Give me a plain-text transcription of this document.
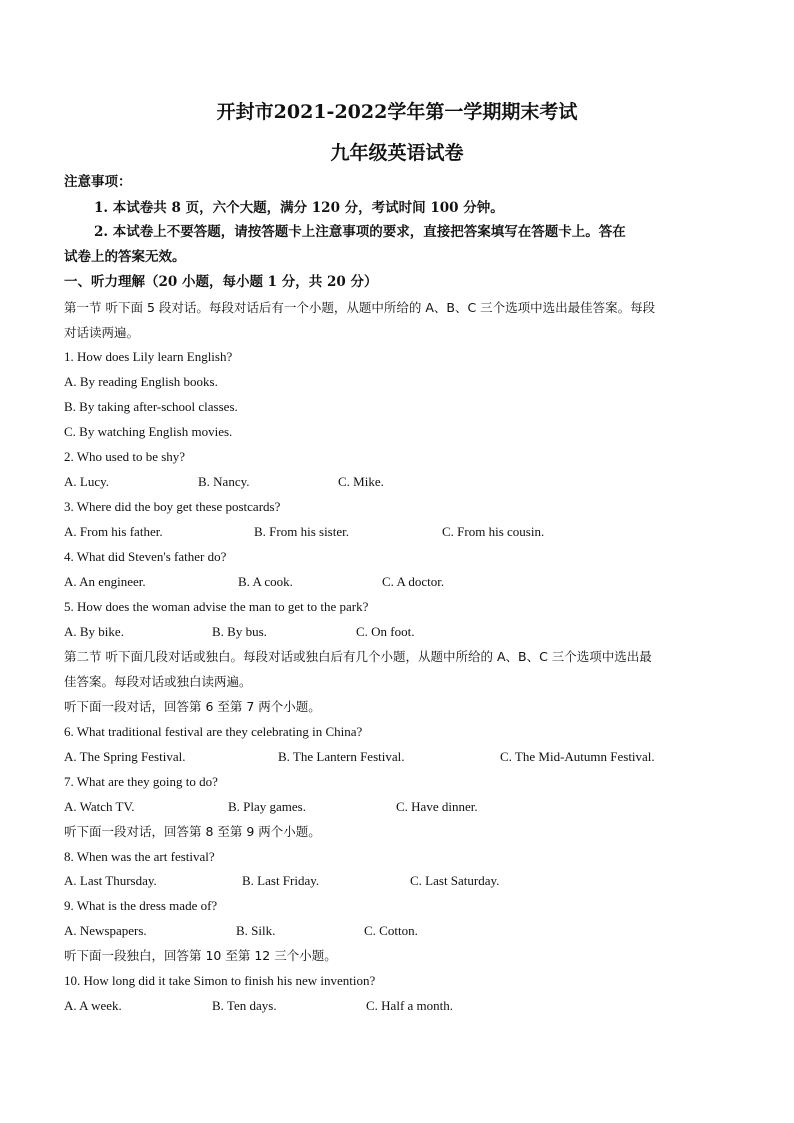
开封市2021-2022学年第一学期期末考试
九年级英语试卷
注意事项：
1. 本试卷共 8 页，六个大题，满分 120 分，考试时间 100 分钟。
2. 本试卷上不要答题，请按答题卡上注意事项的要求，直接把答案填写在答题卡上。答在
试卷上的答案无效。
一、听力理解（20 小题，每小题 1 分，共 20 分）
第一节 听下面 5 段对话。每段对话后有一个小题，从题中所给的 A、B、C 三个选项中选出最佳答案。每段
对话读两遍。
1. How does Lily learn English?
A. By reading English books.
B. By taking after-school classes.
C. By watching English movies.
2. Who used to be shy?
A. Lucy.	B. Nancy.	C. Mike.
3. Where did the boy get these postcards?
A. From his father.	B. From his sister.	C. From his cousin.
4. What did Steven's father do?
A. An engineer.	B. A cook.	C. A doctor.
5. How does the woman advise the man to get to the park?
A. By bike.	B. By bus.	C. On foot.
第二节 听下面几段对话或独白。每段对话或独白后有几个小题，从题中所给的 A、B、C 三个选项中选出最
佳答案。每段对话或独白读两遍。
听下面一段对话，回答第 6 至第 7 两个小题。
6. What traditional festival are they celebrating in China?
A. The Spring Festival.	B. The Lantern Festival.	C. The Mid-Autumn Festival.
7. What are they going to do?
A. Watch TV.	B. Play games.	C. Have dinner.
听下面一段对话，回答第 8 至第 9 两个小题。
8. When was the art festival?
A. Last Thursday.	B. Last Friday.	C. Last Saturday.
9. What is the dress made of?
A. Newspapers.	B. Silk.	C. Cotton.
听下面一段独白，回答第 10 至第 12 三个小题。
10. How long did it take Simon to finish his new invention?
A. A week.	B. Ten days.	C. Half a month.
